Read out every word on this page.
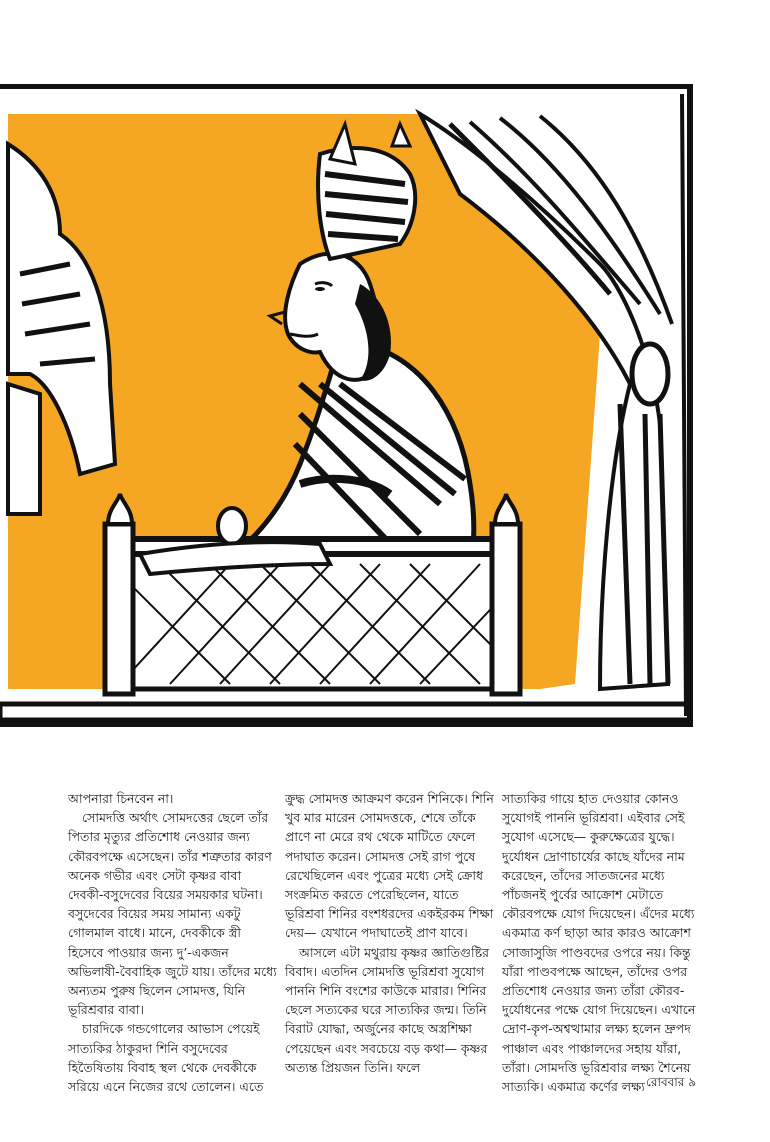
আপনারা চিনবেন না।

সোমদত্তি অর্থাৎ সোমদত্তের ছেলে তাঁর পিতার মৃত্যুর প্রতিশোধ নেওয়ার জন্য কৌরবপক্ষে এসেছেন। তাঁর শত্রুতার কারণ অনেক গভীর এবং সেটা কৃষ্ণর বাবা দেবকী-বসুদেবের বিয়ের সময়কার ঘটনা। বসুদেবের বিয়ের সময় সামান্য একটু গোলমাল বাধে। মানে, দেবকীকে স্ত্রী হিসেবে পাওয়ার জন্য দু’-একজন অভিলাষী-বৈবাহিক জুটে যায়। তাঁদের মধ্যে অন্যতম পুরুষ ছিলেন সোমদত্ত, যিনি ভূরিশ্রবার বাবা।

চারদিকে গন্ডগোলের আভাস পেয়েই সাত্যকির ঠাকুরদা শিনি বসুদেবের হিতৈষিতায় বিবাহ স্থল থেকে দেবকীকে সরিয়ে এনে নিজের রথে তোলেন। এতে

ক্রুদ্ধ সোমদত্ত আক্রমণ করেন শিনিকে। শিনি খুব মার মারেন সোমদত্তকে, শেষে তাঁকে প্রাণে না মেরে রথ থেকে মাটিতে ফেলে পদাঘাত করেন। সোমদত্ত সেই রাগ পুষে রেখেছিলেন এবং পুত্রের মধ্যে সেই ক্রোধ সংক্রমিত করতে পেরেছিলেন, যাতে ভূরিশ্রবা শিনির বংশধরদের একইরকম শিক্ষা দেয়— যেখানে পদাঘাতেই প্রাণ যাবে।

আসলে এটা মথুরায় কৃষ্ণর জ্ঞাতিগুষ্টির বিবাদ। এতদিন সোমদত্তি ভূরিশ্রবা সুযোগ পাননি শিনি বংশের কাউকে মারার। শিনির ছেলে সত্যকের ঘরে সাত্যকির জন্ম। তিনি বিরাট যোদ্ধা, অর্জুনের কাছে অস্ত্রশিক্ষা পেয়েছেন এবং সবচেয়ে বড় কথা— কৃষ্ণর অত্যন্ত প্রিয়জন তিনি। ফলে

সাত্যকির গায়ে হাত দেওয়ার কোনও সুযোগই পাননি ভূরিশ্রবা। এইবার সেই সুযোগ এসেছে— কুরুক্ষেত্রের যুদ্ধে। দুর্যোধন দ্রোণাচার্যের কাছে যাঁদের নাম করেছেন, তাঁদের সাতজনের মধ্যে পাঁচজনই পুর্বের আক্রোশ মেটাতে কৌরবপক্ষে যোগ দিয়েছেন। এঁদের মধ্যে একমাত্র কর্ণ ছাড়া আর কারও আক্রোশ সোজাসুজি পাণ্ডবদের ওপরে নয়। কিন্তু যাঁরা পাণ্ডবপক্ষে আছেন, তাঁদের ওপর প্রতিশোধ নেওয়ার জন্য তাঁরা কৌরব-দুর্যোধনের পক্ষে যোগ দিয়েছেন। এখানে দ্রোণ-কৃপ-অশ্বত্থামার লক্ষ্য হলেন দ্রুপদ পাঞ্চাল এবং পাঞ্চালদের সহায় যাঁরা, তাঁরা। সোমদত্তি ভূরিশ্রবার লক্ষ্য শৈনেয় সাত্যকি। একমাত্র কর্ণের লক্ষ্য রোববার ৯
